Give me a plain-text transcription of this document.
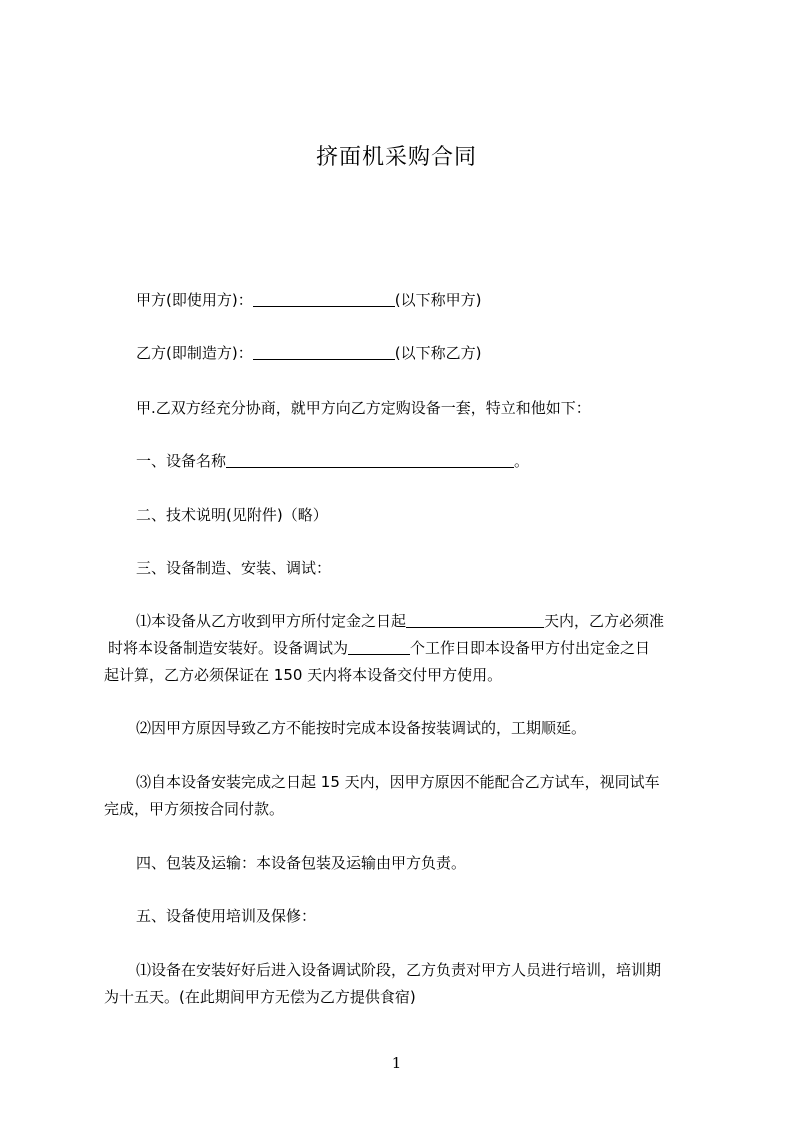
挤面机采购合同
甲方(即使用方)：	(以下称甲方)
乙方(即制造方)：	(以下称乙方)
甲.乙双方经充分协商，就甲方向乙方定购设备一套，特立和他如下：
一、设备名称	。
二、技术说明(见附件)（略）
三、设备制造、安装、调试：
⑴本设备从乙方收到甲方所付定金之日起	天内，乙方必须准
时将本设备制造安装好。设备调试为	个工作日即本设备甲方付出定金之日
起计算，乙方必须保证在 150 天内将本设备交付甲方使用。
⑵因甲方原因导致乙方不能按时完成本设备按装调试的，工期顺延。
⑶自本设备安装完成之日起 15 天内，因甲方原因不能配合乙方试车，视同试车
完成，甲方须按合同付款。
四、包装及运输：本设备包装及运输由甲方负责。
五、设备使用培训及保修：
⑴设备在安装好好后进入设备调试阶段，乙方负责对甲方人员进行培训，培训期
为十五天。(在此期间甲方无偿为乙方提供食宿)
1
